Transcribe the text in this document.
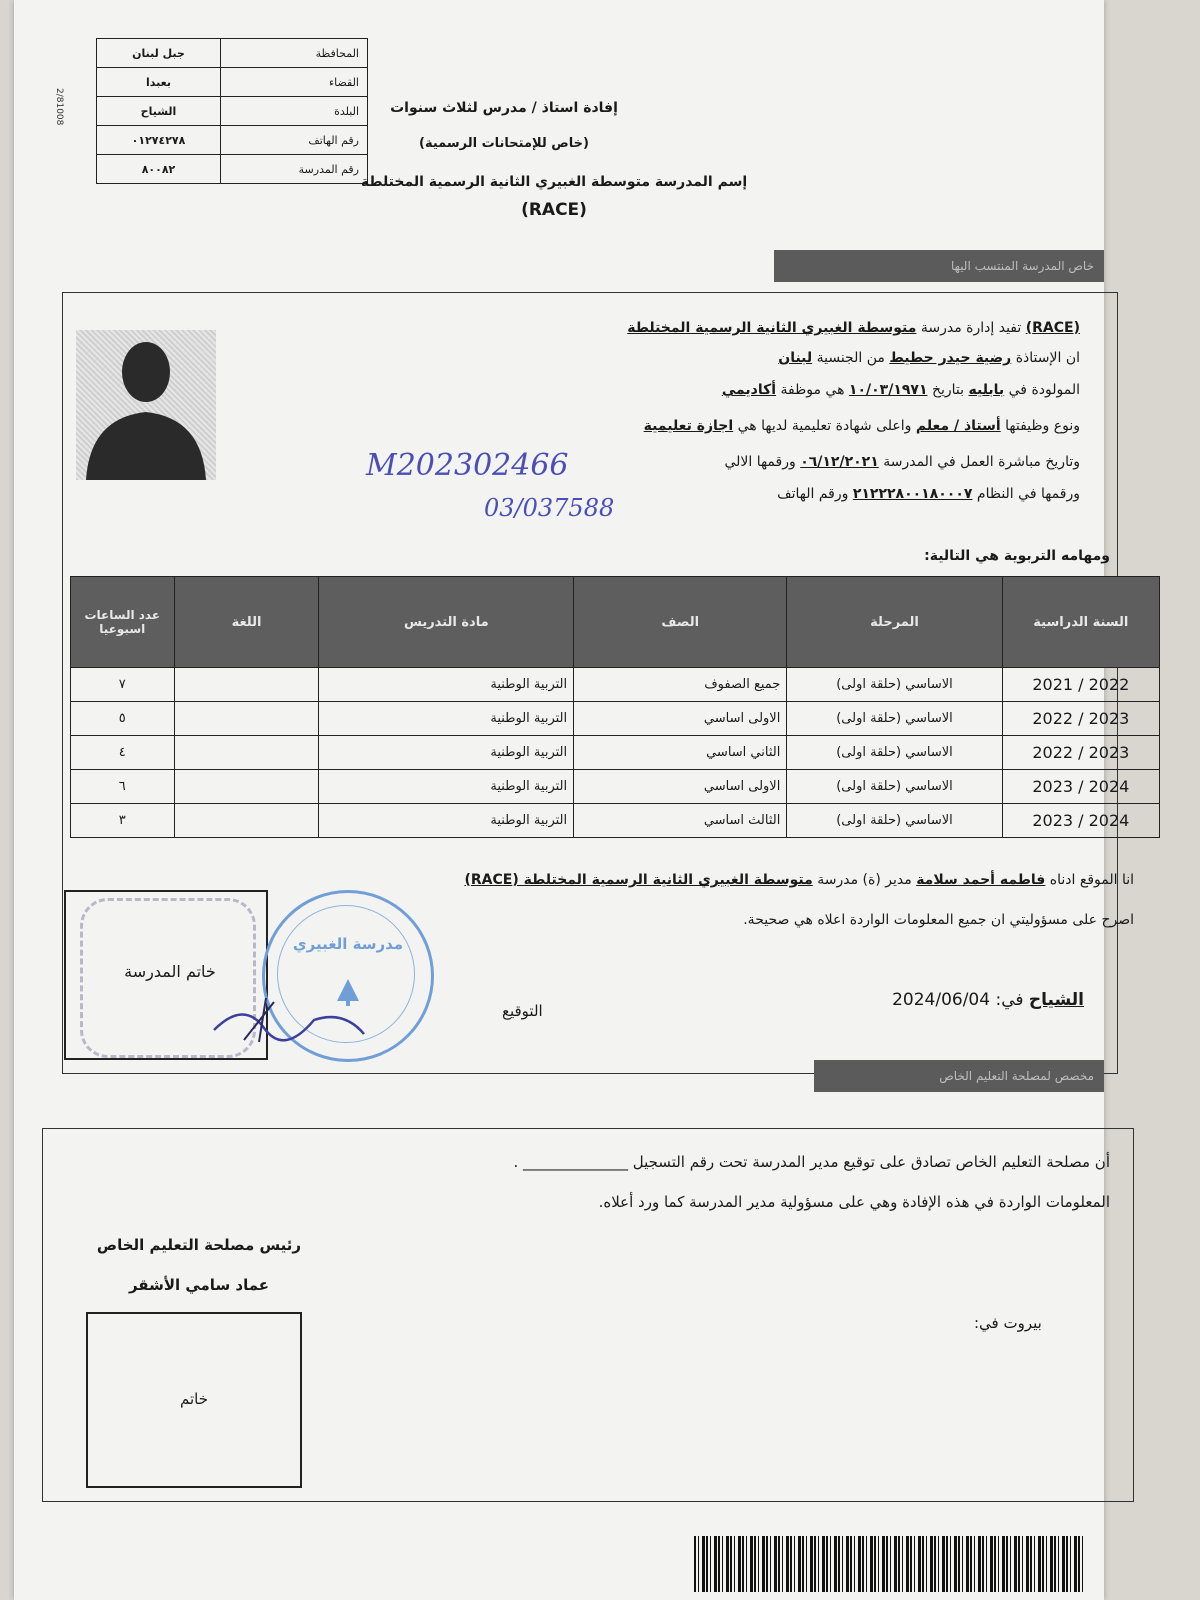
2/81008
المحافظة	جبل لبنان
القضاء	بعبدا
البلدة	الشياح
رقم الهاتف	٠١٢٧٤٢٧٨
رقم المدرسة	٨٠٠٨٢
إفادة استاذ / مدرس لثلاث سنوات
(خاص للإمتحانات الرسمية)
إسم المدرسة متوسطة الغبيري الثانية الرسمية المختلطة
(RACE)
خاص المدرسة المنتسب اليها
(RACE) تفيد إدارة مدرسة متوسطة الغبيري الثانية الرسمية المختلطة
ان الإستاذة رضية حيدر حطيط من الجنسية لبنان
المولودة في بابليه بتاريخ ١٠/٠٣/١٩٧١ هي موظفة أكاديمي
ونوع وظيفتها أستاذ / معلم واعلى شهادة تعليمية لديها هي اجازة تعليمية
وتاريخ مباشرة العمل في المدرسة ٠٦/١٢/٢٠٢١ ورقمها الالي
ورقمها في النظام ٢١٢٢٢٨٠٠١٨٠٠٠٧ ورقم الهاتف
M202302466
03/037588
ومهامه التربوية هي التالية:
السنة الدراسية	المرحلة	الصف	مادة التدريس	اللغة	عدد الساعات اسبوعيا
2021 / 2022	الاساسي (حلقة اولى)	جميع الصفوف	التربية الوطنية		٧
2022 / 2023	الاساسي (حلقة اولى)	الاولى اساسي	التربية الوطنية		٥
2022 / 2023	الاساسي (حلقة اولى)	الثاني اساسي	التربية الوطنية		٤
2023 / 2024	الاساسي (حلقة اولى)	الاولى اساسي	التربية الوطنية		٦
2023 / 2024	الاساسي (حلقة اولى)	الثالث اساسي	التربية الوطنية		٣
انا الموقع ادناه فاطمه أحمد سلامة مدير (ة) مدرسة متوسطة الغبيري الثانية الرسمية المختلطة (RACE)
اصرح على مسؤوليتي ان جميع المعلومات الواردة اعلاه هي صحيحة.
الشياح في: 2024/06/04
التوقيع
خاتم المدرسة
مدرسة الغبيري
مخصص لمصلحة التعليم الخاص
أن مصلحة التعليم الخاص تصادق على توقيع مدير المدرسة تحت رقم التسجيل ______________ .
المعلومات الواردة في هذه الإفادة وهي على مسؤولية مدير المدرسة كما ورد أعلاه.
رئيس مصلحة التعليم الخاص
عماد سامي الأشقر
بيروت في:
خاتم
